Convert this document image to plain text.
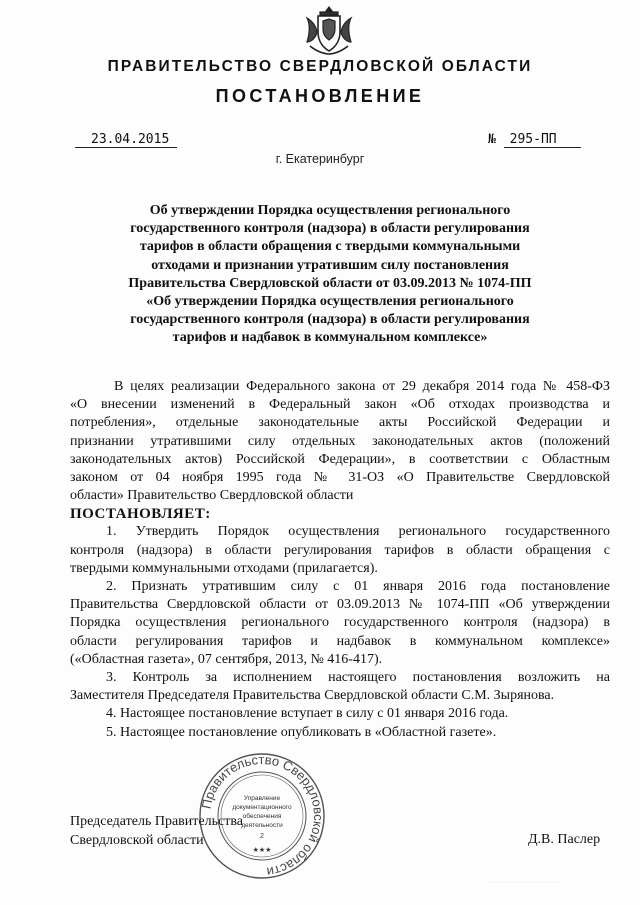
ПРАВИТЕЛЬСТВО СВЕРДЛОВСКОЙ ОБЛАСТИ
ПОСТАНОВЛЕНИЕ
23.04.2015	№ 295-ПП
г. Екатеринбург
Об утверждении Порядка осуществления регионального
государственного контроля (надзора) в области регулирования
тарифов в области обращения с твердыми коммунальными
отходами и признании утратившим силу постановления
Правительства Свердловской области от 03.09.2013 № 1074-ПП
«Об утверждении Порядка осуществления регионального
государственного контроля (надзора) в области регулирования
тарифов и надбавок в коммунальном комплексе»
В целях реализации Федерального закона от 29 декабря 2014 года № 458-ФЗ
«О внесении изменений в Федеральный закон «Об отходах производства и
потребления», отдельные законодательные акты Российской Федерации и
признании утратившими силу отдельных законодательных актов (положений
законодательных актов) Российской Федерации», в соответствии с Областным
законом от 04 ноября 1995 года № 31-ОЗ «О Правительстве Свердловской
области» Правительство Свердловской области
ПОСТАНОВЛЯЕТ:
1. Утвердить Порядок осуществления регионального государственного
контроля (надзора) в области регулирования тарифов в области обращения с
твердыми коммунальными отходами (прилагается).
2. Признать утратившим силу с 01 января 2016 года постановление
Правительства Свердловской области от 03.09.2013 № 1074-ПП «Об утверждении
Порядка осуществления регионального государственного контроля (надзора) в
области регулирования тарифов и надбавок в коммунальном комплексе»
(«Областная газета», 07 сентября, 2013, № 416-417).
3. Контроль за исполнением настоящего постановления возложить на
Заместителя Председателя Правительства Свердловской области С.М. Зырянова.
4. Настоящее постановление вступает в силу с 01 января 2016 года.
5. Настоящее постановление опубликовать в «Областной газете».
Председатель Правительства
Свердловской области	Д.В. Паслер
Правительство Свердловской области
Управление
документационного
обеспечения
деятельности
2
★★★
· · · · · · · · · · · · · · · · · · ·
